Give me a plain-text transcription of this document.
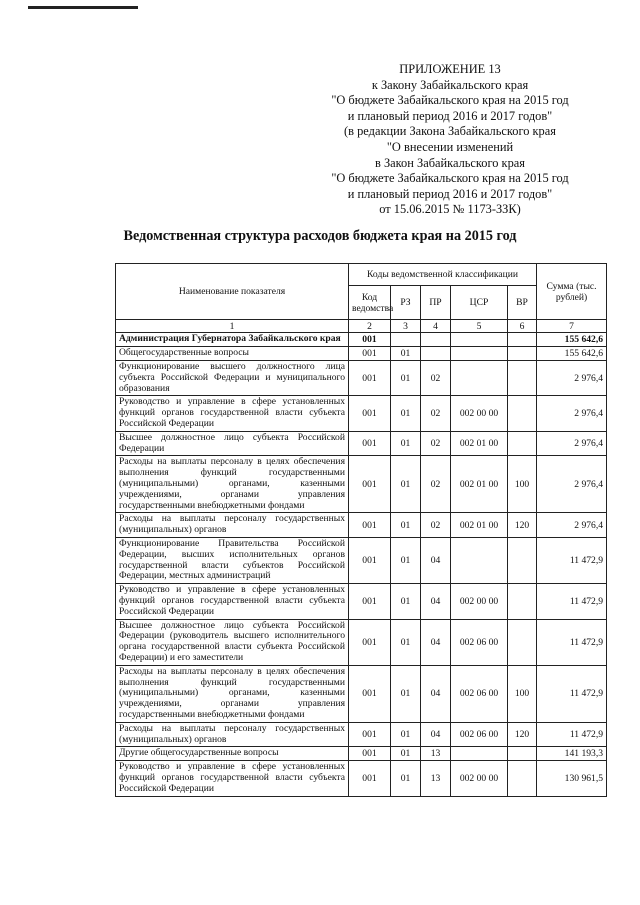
ПРИЛОЖЕНИЕ 13
к Закону Забайкальского края
"О бюджете Забайкальского края на 2015 год
и плановый период 2016 и 2017 годов"
(в редакции Закона Забайкальского края
"О внесении изменений
в Закон Забайкальского края
"О бюджете Забайкальского края на 2015 год
и плановый период 2016 и 2017 годов"
от 15.06.2015 № 1173-ЗЗК)
Ведомственная структура расходов бюджета края на 2015 год
Наименование показателя	Коды ведомственной классификации					Сумма (тыс. рублей)
	Код ведомства	РЗ	ПР	ЦСР	ВР	
1	2	3	4	5	6	7
Администрация Губернатора Забайкальского края	001					155 642,6
Общегосударственные вопросы	001	01				155 642,6
Функционирование высшего должностного лица субъекта Российской Федерации и муниципального образования	001	01	02			2 976,4
Руководство и управление в сфере установленных функций органов государственной власти субъекта Российской Федерации	001	01	02	002 00 00		2 976,4
Высшее должностное лицо субъекта Российской Федерации	001	01	02	002 01 00		2 976,4
Расходы на выплаты персоналу в целях обеспечения выполнения функций государственными (муниципальными) органами, казенными учреждениями, органами управления государственными внебюджетными фондами	001	01	02	002 01 00	100	2 976,4
Расходы на выплаты персоналу государственных (муниципальных) органов	001	01	02	002 01 00	120	2 976,4
Функционирование Правительства Российской Федерации, высших исполнительных органов государственной власти субъектов Российской Федерации, местных администраций	001	01	04			11 472,9
Руководство и управление в сфере установленных функций органов государственной власти субъекта Российской Федерации	001	01	04	002 00 00		11 472,9
Высшее должностное лицо субъекта Российской Федерации (руководитель высшего исполнительного органа государственной власти субъекта Российской Федерации) и его заместители	001	01	04	002 06 00		11 472,9
Расходы на выплаты персоналу в целях обеспечения выполнения функций государственными (муниципальными) органами, казенными учреждениями, органами управления государственными внебюджетными фондами	001	01	04	002 06 00	100	11 472,9
Расходы на выплаты персоналу государственных (муниципальных) органов	001	01	04	002 06 00	120	11 472,9
Другие общегосударственные вопросы	001	01	13			141 193,3
Руководство и управление в сфере установленных функций органов государственной власти субъекта Российской Федерации	001	01	13	002 00 00		130 961,5
